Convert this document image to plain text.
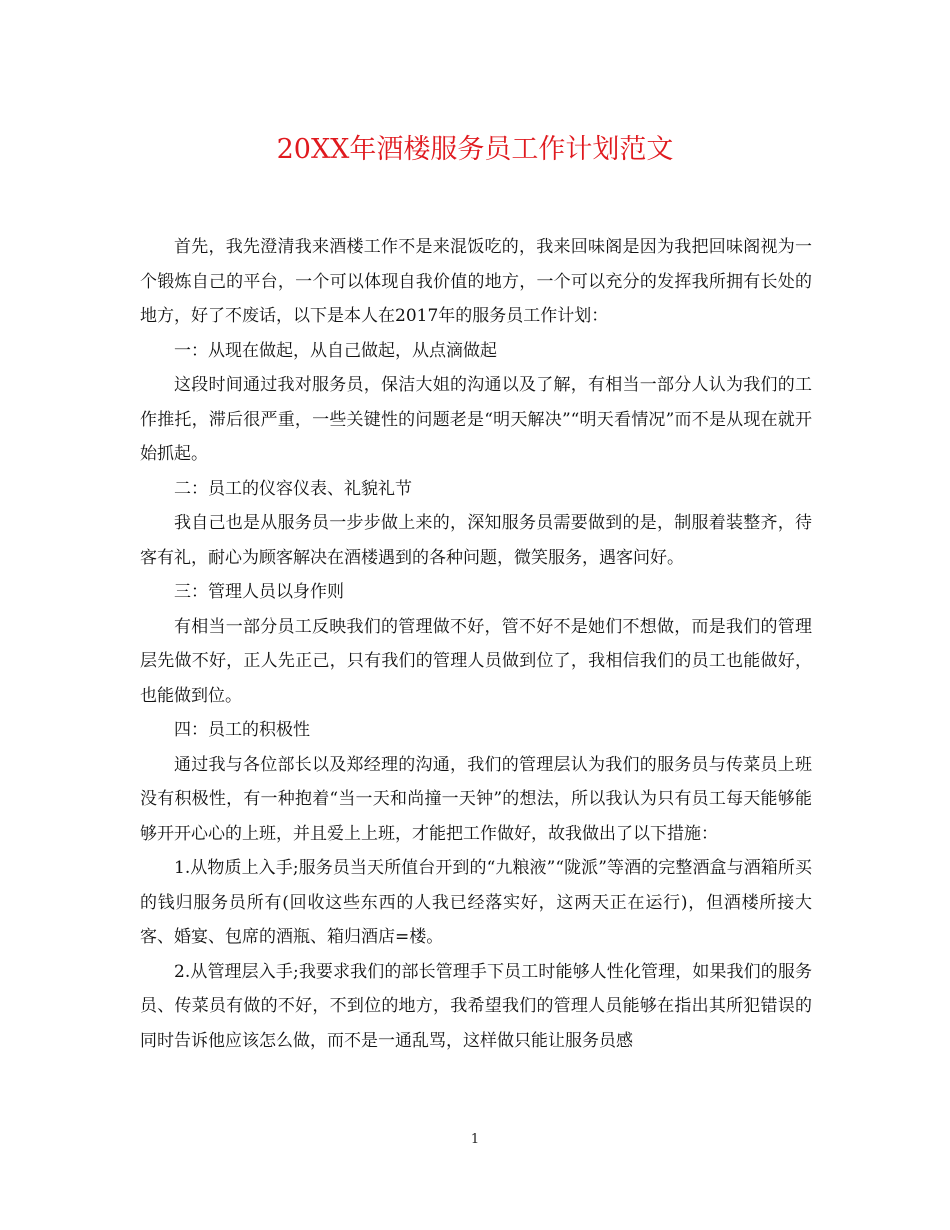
20XX年酒楼服务员工作计划范文

首先，我先澄清我来酒楼工作不是来混饭吃的，我来回味阁是因为我把回味阁视为一个锻炼自己的平台，一个可以体现自我价值的地方，一个可以充分的发挥我所拥有长处的地方，好了不废话，以下是本人在2017年的服务员工作计划：

一：从现在做起，从自己做起，从点滴做起

这段时间通过我对服务员，保洁大姐的沟通以及了解，有相当一部分人认为我们的工作推托，滞后很严重，一些关键性的问题老是“明天解决”“明天看情况”而不是从现在就开始抓起。

二：员工的仪容仪表、礼貌礼节

我自己也是从服务员一步步做上来的，深知服务员需要做到的是，制服着装整齐，待客有礼，耐心为顾客解决在酒楼遇到的各种问题，微笑服务，遇客问好。

三：管理人员以身作则

有相当一部分员工反映我们的管理做不好，管不好不是她们不想做，而是我们的管理层先做不好，正人先正己，只有我们的管理人员做到位了，我相信我们的员工也能做好，也能做到位。

四：员工的积极性

通过我与各位部长以及郑经理的沟通，我们的管理层认为我们的服务员与传菜员上班没有积极性，有一种抱着“当一天和尚撞一天钟”的想法，所以我认为只有员工每天能够能够开开心心的上班，并且爱上上班，才能把工作做好，故我做出了以下措施：

1.从物质上入手;服务员当天所值台开到的“九粮液”“陇派”等酒的完整酒盒与酒箱所买的钱归服务员所有(回收这些东西的人我已经落实好，这两天正在运行)，但酒楼所接大客、婚宴、包席的酒瓶、箱归酒店=楼。

2.从管理层入手;我要求我们的部长管理手下员工时能够人性化管理，如果我们的服务员、传菜员有做的不好，不到位的地方，我希望我们的管理人员能够在指出其所犯错误的同时告诉他应该怎么做，而不是一通乱骂，这样做只能让服务员感

1
